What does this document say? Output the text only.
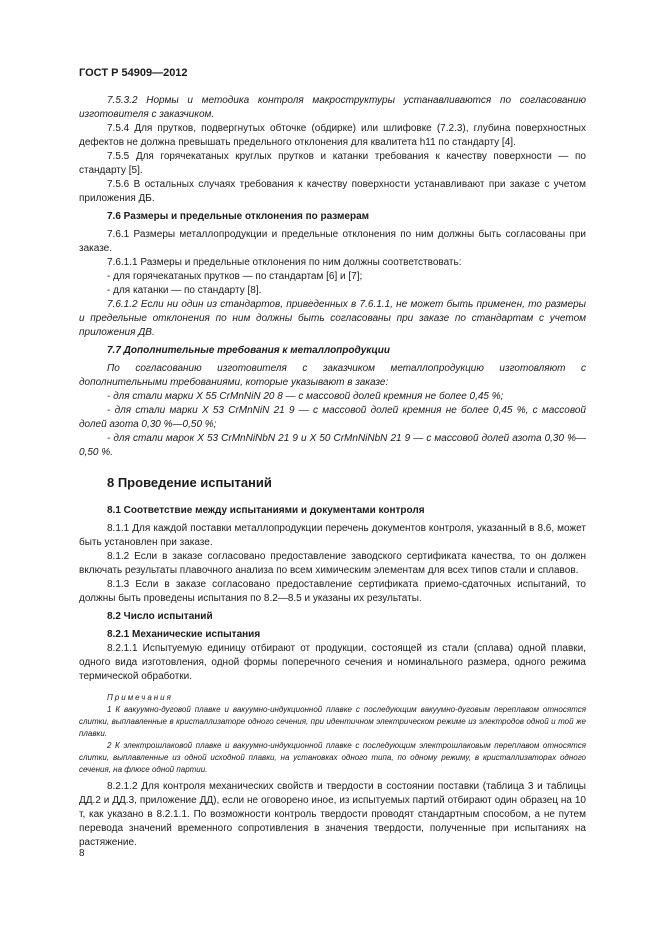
ГОСТ Р 54909—2012

7.5.3.2 Нормы и методика контроля макроструктуры устанавливаются по согласованию изготовителя с заказчиком.

7.5.4 Для прутков, подвергнутых обточке (обдирке) или шлифовке (7.2.3), глубина поверхностных дефектов не должна превышать предельного отклонения для квалитета h11 по стандарту [4].

7.5.5 Для горячекатаных круглых прутков и катанки требования к качеству поверхности — по стандарту [5].

7.5.6 В остальных случаях требования к качеству поверхности устанавливают при заказе с учетом приложения ДБ.

7.6 Размеры и предельные отклонения по размерам

7.6.1 Размеры металлопродукции и предельные отклонения по ним должны быть согласованы при заказе.

7.6.1.1 Размеры и предельные отклонения по ним должны соответствовать:

- для горячекатаных прутков — по стандартам [6] и [7];

- для катанки — по стандарту [8].

7.6.1.2 Если ни один из стандартов, приведенных в 7.6.1.1, не может быть применен, то размеры и предельные отклонения по ним должны быть согласованы при заказе по стандартам с учетом приложения ДВ.

7.7 Дополнительные требования к металлопродукции

По согласованию изготовителя с заказчиком металлопродукцию изготовляют с дополнительными требованиями, которые указывают в заказе:

- для стали марки X 55 CrMnNiN 20 8 — с массовой долей кремния не более 0,45 %;

- для стали марки X 53 CrMnNiN 21 9 — с массовой долей кремния не более 0,45 %, с массовой долей азота 0,30 %—0,50 %;

- для стали марок X 53 CrMnNiNbN 21 9 и X 50 CrMnNiNbN 21 9 — с массовой долей азота 0,30 %—0,50 %.

8 Проведение испытаний

8.1 Соответствие между испытаниями и документами контроля

8.1.1 Для каждой поставки металлопродукции перечень документов контроля, указанный в 8.6, может быть установлен при заказе.

8.1.2 Если в заказе согласовано предоставление заводского сертификата качества, то он должен включать результаты плавочного анализа по всем химическим элементам для всех типов стали и сплавов.

8.1.3 Если в заказе согласовано предоставление сертификата приемо-сдаточных испытаний, то должны быть проведены испытания по 8.2—8.5 и указаны их результаты.

8.2 Число испытаний

8.2.1 Механические испытания

8.2.1.1 Испытуемую единицу отбирают от продукции, состоящей из стали (сплава) одной плавки, одного вида изготовления, одной формы поперечного сечения и номинального размера, одного режима термической обработки.

Примечания

1 К вакуумно-дуговой плавке и вакуумно-индукционной плавке с последующим вакуумно-дуговым переплавом относятся слитки, выплавленные в кристаллизаторе одного сечения, при идентичном электрическом режиме из электродов одной и той же плавки.

2 К электрошлаковой плавке и вакуумно-индукционной плавке с последующим электрошлаковым переплавом относятся слитки, выплавленные из одной исходной плавки, на установках одного типа, по одному режиму, в кристаллизаторах одного сечения, на флюсе одной партии.

8.2.1.2 Для контроля механических свойств и твердости в состоянии поставки (таблица 3 и таблицы ДД.2 и ДД.3, приложение ДД), если не оговорено иное, из испытуемых партий отбирают один образец на 10 т, как указано в 8.2.1.1. По возможности контроль твердости проводят стандартным способом, а не путем перевода значений временного сопротивления в значения твердости, полученные при испытаниях на растяжение.

8
